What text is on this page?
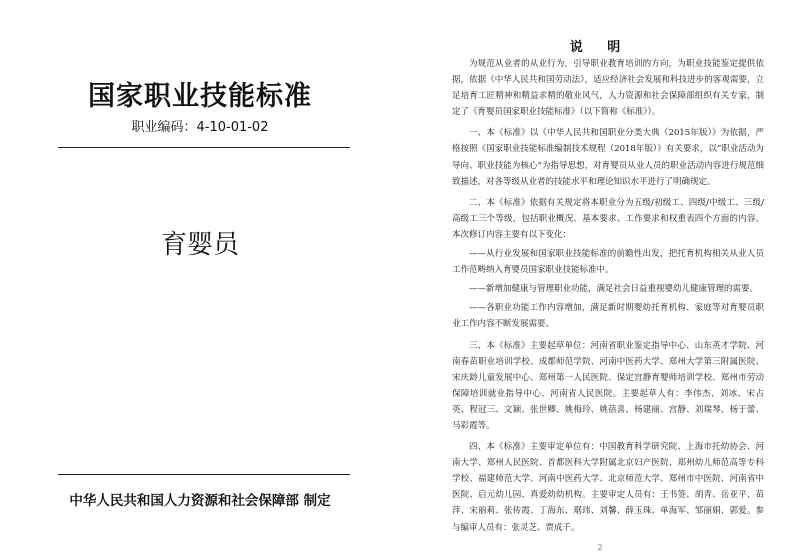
国家职业技能标准
职业编码：4-10-01-02
育婴员
中华人民共和国人力资源和社会保障部 制定
说 明

为规范从业者的从业行为，引导职业教育培训的方向，为职业技能鉴定提供依据，依据《中华人民共和国劳动法》，适应经济社会发展和科技进步的客观需要，立足培育工匠精神和精益求精的敬业风气，人力资源和社会保障部组织有关专家，制定了《育婴员国家职业技能标准》（以下简称《标准》）。

一、本《标准》以《中华人民共和国职业分类大典（2015年版）》为依据，严格按照《国家职业技能标准编制技术规程（2018年版）》有关要求，以“职业活动为导向、职业技能为核心”为指导思想，对育婴员从业人员的职业活动内容进行规范细致描述，对各等级从业者的技能水平和理论知识水平进行了明确规定。

二、本《标准》依据有关规定将本职业分为五级/初级工、四级/中级工、三级/高级工三个等级，包括职业概况、基本要求、工作要求和权重表四个方面的内容。本次修订内容主要有以下变化：

——从行业发展和国家职业技能标准的前瞻性出发，把托育机构相关从业人员工作范畴纳入育婴员国家职业技能标准中。

——新增加健康与管理职业功能，满足社会日益重视婴幼儿健康管理的需要。

——各职业功能工作内容增加，满足新时期婴幼托育机构、家庭等对育婴员职业工作内容不断发展需要。

三、本《标准》主要起草单位：河南省职业鉴定指导中心、山东英才学院、河南春苗职业培训学校、成都师范学院、河南中医药大学、郑州大学第三附属医院、宋庆龄儿童发展中心、郑州第一人民医院、保定宫静育婴师培训学校、郑州市劳动保障培训就业指导中心、河南省人民医院。主要起草人有：李伟杰、刘冰、宋占英、程冠三、文颖、张世卿、姚梅玲、姚蓓喜、杨建丽、宫静、刘瑞琴、杨于蕾、马彩霞等。

四、本《标准》主要审定单位有：中国教育科学研究院、上海市托幼协会、河南大学、郑州人民医院、首都医科大学附属北京妇产医院、郑州幼儿师范高等专科学校、福建师范大学、河南中医药大学、北京师范大学、郑州市中医院、河南省中医院、启元幼儿园、真爱幼幼机构。主要审定人员有：王书签、胡青、岳亚平、苗萍、宋丽莉、张传霞、丁海东、琚玮、刘馨、薛玉珠、单海军、邹丽娟、郭爱。参与编审人员有：张灵芝、贾成千。

2
